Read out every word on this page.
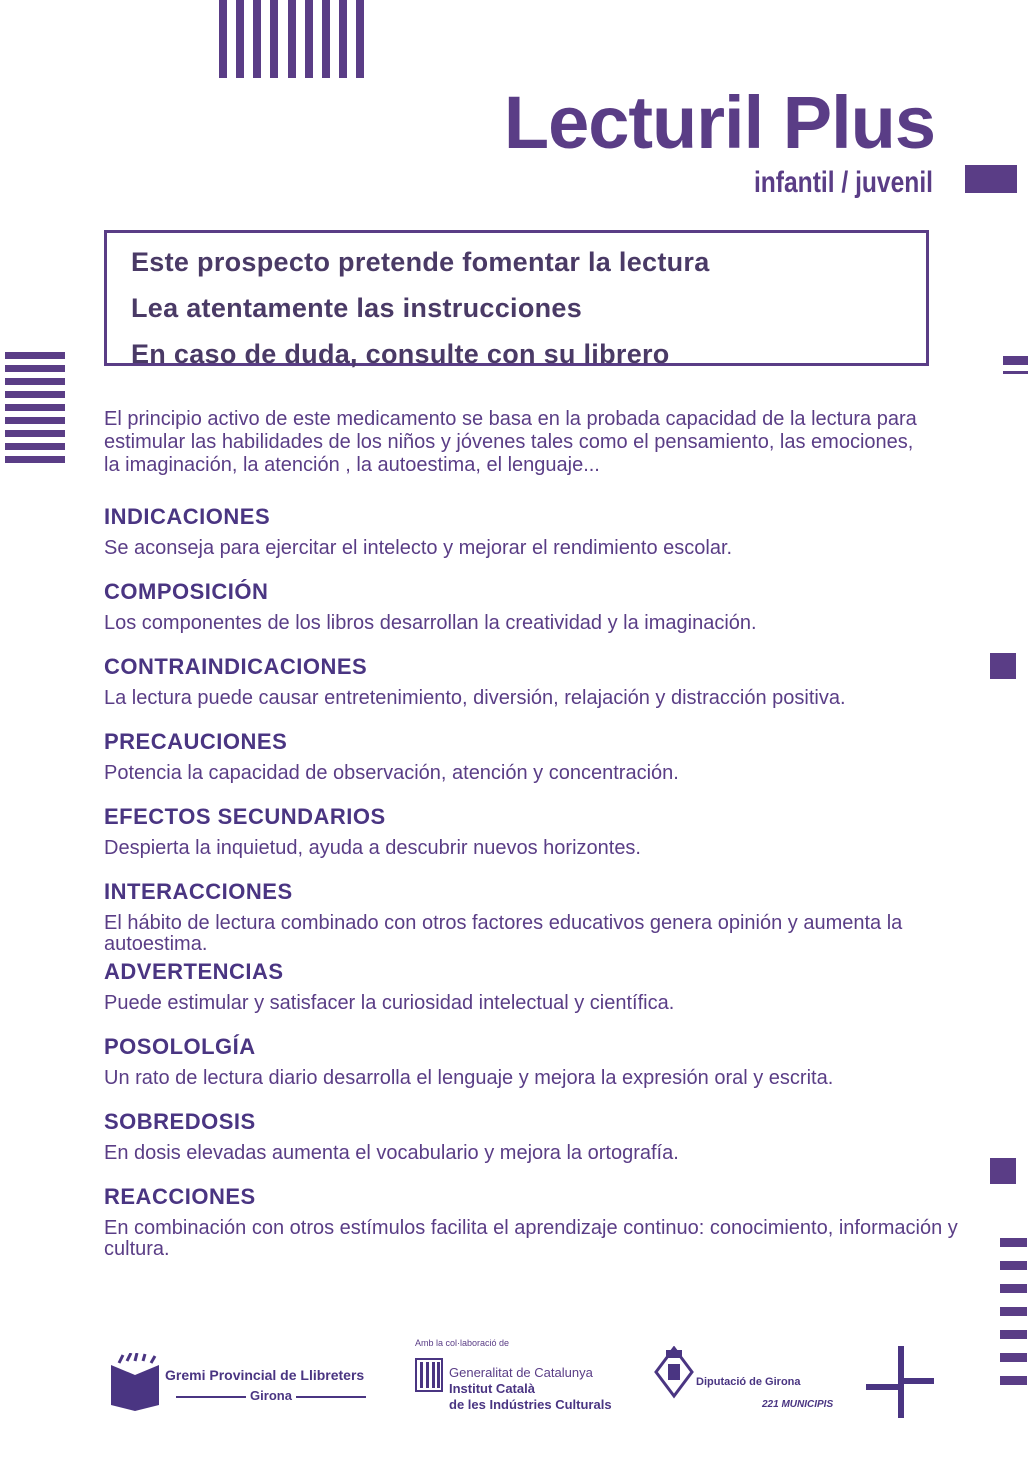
Lecturil Plus
infantil / juvenil
Este prospecto pretende fomentar la lectura
Lea atentamente las instrucciones
En caso de duda, consulte con su librero
El principio activo de este medicamento se basa en la probada capacidad de la lectura para estimular las habilidades de los niños y jóvenes tales como el pensamiento, las emociones, la imaginación, la atención , la autoestima, el lenguaje...
INDICACIONES

Se aconseja para ejercitar el intelecto y mejorar el rendimiento escolar.

COMPOSICIÓN

Los componentes de los libros desarrollan la creatividad y la imaginación.

CONTRAINDICACIONES

La lectura puede causar entretenimiento, diversión, relajación y distracción positiva.

PRECAUCIONES

Potencia la capacidad de observación, atención y concentración.

EFECTOS SECUNDARIOS

Despierta la inquietud, ayuda a descubrir nuevos horizontes.

INTERACCIONES

El hábito de lectura combinado con otros factores educativos genera opinión y aumenta la autoestima.

ADVERTENCIAS

Puede estimular y satisfacer la curiosidad intelectual y científica.

POSOLOLGÍA

Un rato de lectura diario desarrolla el lenguaje y mejora la expresión oral y escrita.

SOBREDOSIS

En dosis elevadas aumenta el vocabulario y mejora la ortografía.

REACCIONES

En combinación con otros estímulos facilita el aprendizaje continuo: conocimiento, información y cultura.

Gremi Provincial de Llibreters
Girona
Amb la col·laboració de
Generalitat de Catalunya
Institut Català
de les Indústries Culturals
Diputació de Girona
221 MUNICIPIS
